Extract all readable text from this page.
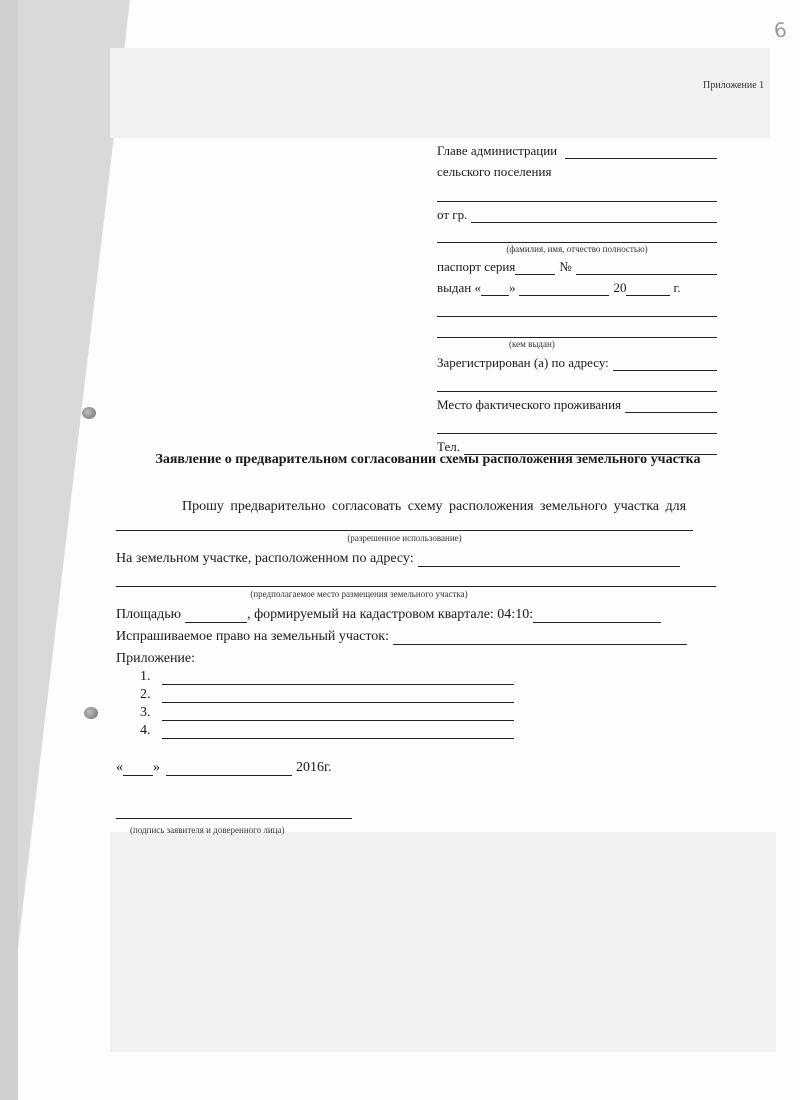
6
Приложение 1
Главе администрации
сельского поселения
от гр.
(фамилия, имя, отчество полностью)
паспорт серия	№
выдан « »	20	г.
(кем выдан)
Зарегистрирован (а) по адресу:
Место фактического проживания
Тел.
Заявление о предварительном согласовании схемы расположения земельного участка
Прошу предварительно согласовать схему расположения земельного участка для
(разрешенное использование)
На земельном участке, расположенном по адресу:
(предполагаемое место размещения земельного участка)
Площадью	, формируемый на кадастровом квартале: 04:10:
Испрашиваемое право на земельный участок:
Приложение:
1.
2.
3.
4.
« »	2016г.
(подпись заявителя и доверенного лица)
